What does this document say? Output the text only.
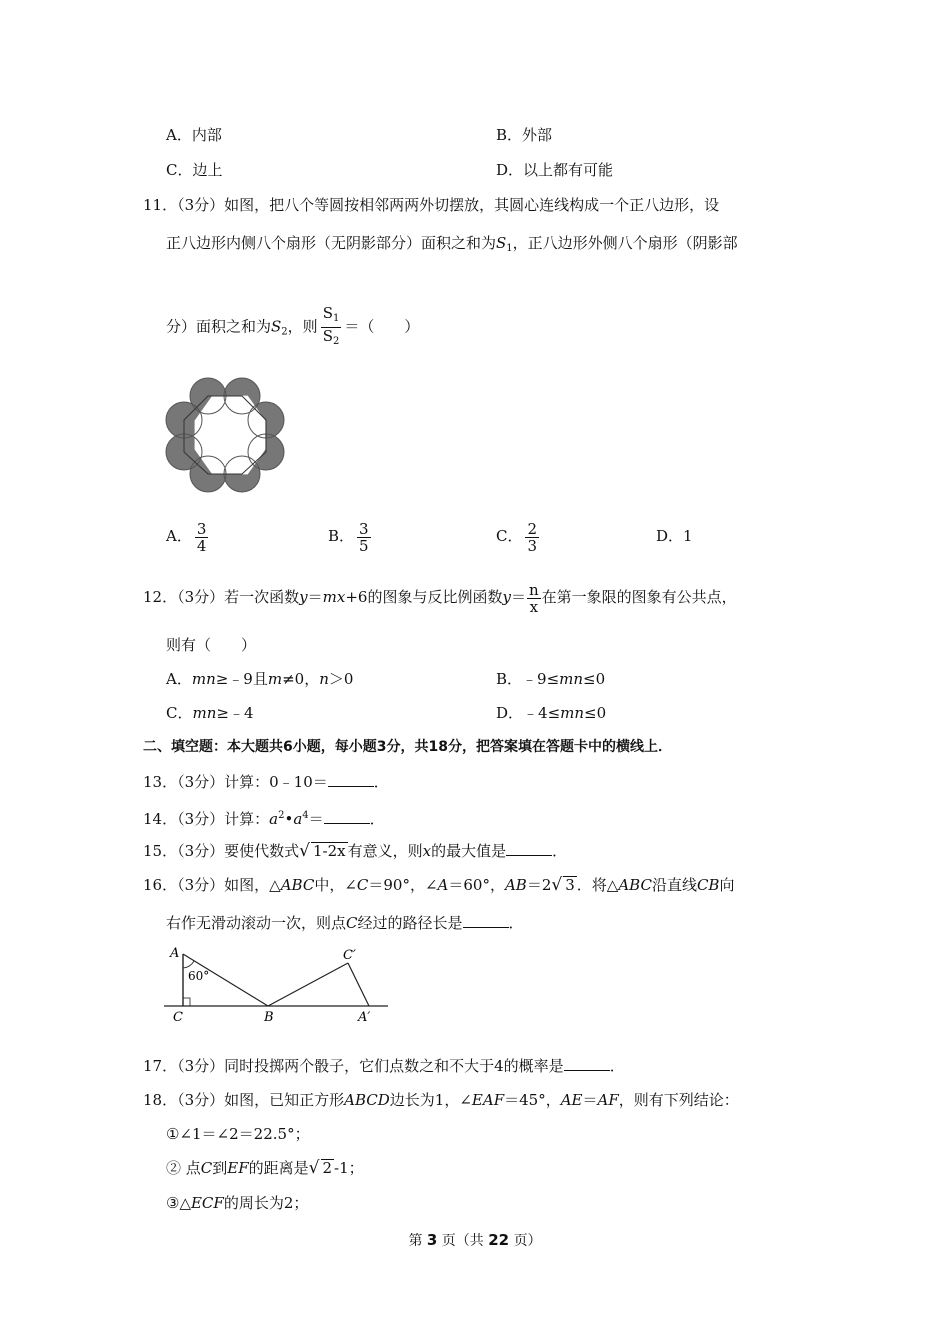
A．内部	B．外部
C．边上	D．以上都有可能
11．（3分）如图，把八个等圆按相邻两两外切摆放，其圆心连线构成一个正八边形，设
正八边形内侧八个扇形（无阴影部分）面积之和为$S_1$，正八边形外侧八个扇形（阴影部
分）面积之和为$S_2$，则 $\frac{S_1}{S_2}$ ＝（　　）
A． $\frac{3}{4}$	B． $\frac{3}{5}$	C． $\frac{2}{3}$	D．1
12．（3分）若一次函数y＝mx+6的图象与反比例函数$y= \frac{n}{x}$ 在第一象限的图象有公共点，
则有（　　）
A．mn≥﹣9且m≠0，n＞0	B．﹣9≤mn≤0
C．mn≥﹣4	D．﹣4≤mn≤0
二、填空题：本大题共6小题，每小题3分，共18分，把答案填在答题卡中的横线上．
13．（3分）计算：0﹣10＝	．
14．（3分）计算：$a^2•a^4=$	．
15．（3分）要使代数式√ 1-2x 有意义，则x的最大值是	．
16．（3分）如图，△ABC中，∠C＝90°，∠A＝60°，AB＝2√ 3 ．将△ABC沿直线CB向
右作无滑动滚动一次，则点C经过的路径长是	．
A
60°
C	B
C′
A′
17．（3分）同时投掷两个骰子，它们点数之和不大于4的概率是	．
18．（3分）如图，已知正方形ABCD边长为1，∠EAF＝45°，AE＝AF，则有下列结论：
①∠1＝∠2＝22.5°；
② 点C到EF的距离是√ 2 -1；
③△ECF的周长为2；
第 3 页（共 22 页）
